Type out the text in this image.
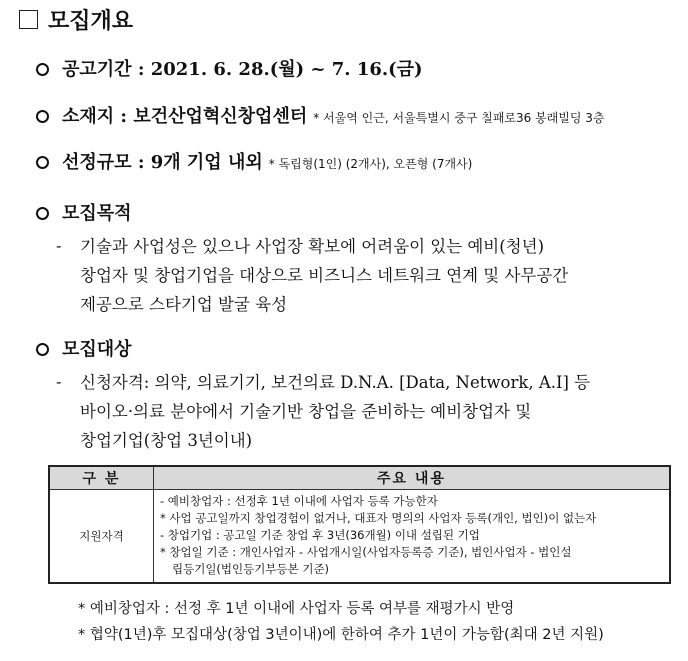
모집개요
공고기간 : 2021. 6. 28.(월) ~ 7. 16.(금)
소재지 : 보건산업혁신창업센터 * 서울역 인근, 서울특별시 중구 칠패로36 봉래빌딩 3층
선정규모 : 9개 기업 내외 * 독립형(1인) (2개사), 오픈형 (7개사)
모집목적
- 기술과 사업성은 있으나 사업장 확보에 어려움이 있는 예비(청년)
창업자 및 창업기업을 대상으로 비즈니스 네트워크 연계 및 사무공간
제공으로 스타기업 발굴 육성
모집대상
- 신청자격: 의약, 의료기기, 보건의료 D.N.A. [Data, Network, A.I] 등
바이오·의료 분야에서 기술기반 창업을 준비하는 예비창업자 및
창업기업(창업 3년이내)
구 분	주요 내용
지원자격	- 예비창업자 : 선정후 1년 이내에 사업자 등록 가능한자
* 사업 공고일까지 창업경험이 없거나, 대표자 명의의 사업자 등록(개인, 법인)이 없는자
- 창업기업 : 공고일 기준 창업 후 3년(36개월) 이내 설립된 기업
* 창업일 기준 : 개인사업자 - 사업개시일(사업자등록증 기준), 법인사업자 - 법인설
립등기일(법인등기부등본 기준)
* 예비창업자 : 선정 후 1년 이내에 사업자 등록 여부를 재평가시 반영
* 협약(1년)후 모집대상(창업 3년이내)에 한하여 추가 1년이 가능함(최대 2년 지원)
